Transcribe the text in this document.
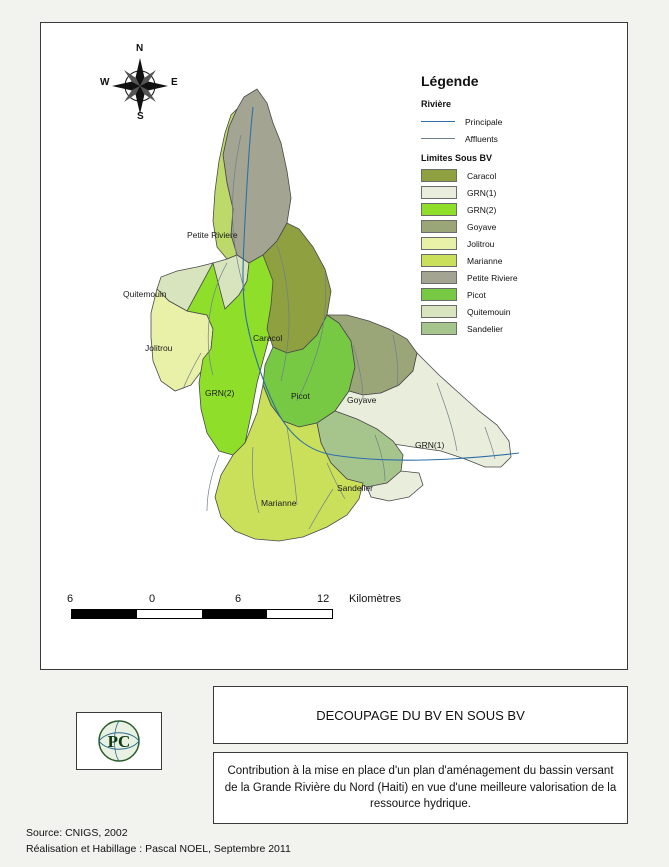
N
S
W	E
Petite Riviere
Quitemouin
Jolitrou
Caracol
GRN(2)	Picot	Goyave
GRN(1)
Sandelier
Marianne
Légende
Rivière
Principale
Affluents
Limites Sous BV
Caracol
GRN(1)
GRN(2)
Goyave
Jolitrou
Marianne
Petite Riviere
Picot
Quitemouin
Sandelier
6	0	6	12 Kilomètres
DECOUPAGE DU BV EN SOUS BV
Contribution à la mise en place d'un plan d'aménagement du bassin versant de la Grande Rivière du Nord (Haiti) en vue d'une meilleure valorisation de la ressource hydrique.
PC
Source: CNIGS, 2002
Réalisation et Habillage : Pascal NOEL, Septembre 2011
